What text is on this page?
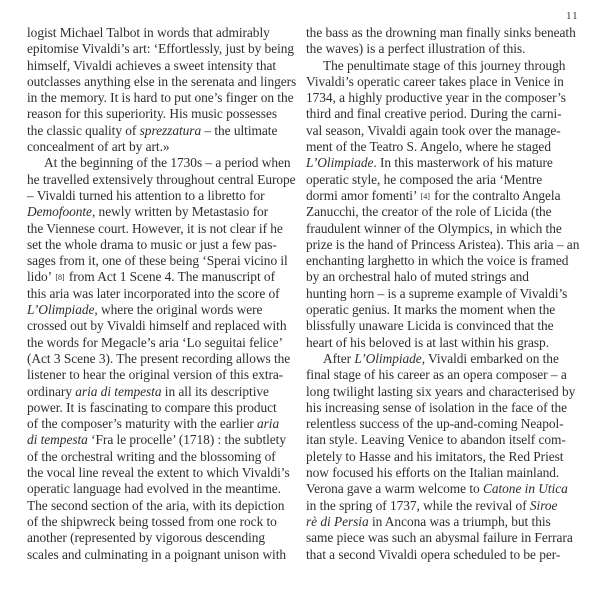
11
logist Michael Talbot in words that admirably
epitomise Vivaldi’s art: ‘Effortlessly, just by being
himself, Vivaldi achieves a sweet intensity that
outclasses anything else in the serenata and lingers
in the memory. It is hard to put one’s finger on the
reason for this superiority. His music possesses
the classic quality of sprezzatura – the ultimate
concealment of art by art.»
At the beginning of the 1730s – a period when
he travelled extensively throughout central Europe
– Vivaldi turned his attention to a libretto for
Demofoonte, newly written by Metastasio for
the Viennese court. However, it is not clear if he
set the whole drama to music or just a few pas-
sages from it, one of these being ‘Sperai vicino il
lido’ [8] from Act 1 Scene 4. The manuscript of
this aria was later incorporated into the score of
L’Olimpiade, where the original words were
crossed out by Vivaldi himself and replaced with
the words for Megacle’s aria ‘Lo seguitai felice’
(Act 3 Scene 3). The present recording allows the
listener to hear the original version of this extra-
ordinary aria di tempesta in all its descriptive
power. It is fascinating to compare this product
of the composer’s maturity with the earlier aria
di tempesta ‘Fra le procelle’ (1718) : the subtlety
of the orchestral writing and the blossoming of
the vocal line reveal the extent to which Vivaldi’s
operatic language had evolved in the meantime.
The second section of the aria, with its depiction
of the shipwreck being tossed from one rock to
another (represented by vigorous descending
scales and culminating in a poignant unison with
the bass as the drowning man finally sinks beneath
the waves) is a perfect illustration of this.
The penultimate stage of this journey through
Vivaldi’s operatic career takes place in Venice in
1734, a highly productive year in the composer’s
third and final creative period. During the carni-
val season, Vivaldi again took over the manage-
ment of the Teatro S. Angelo, where he staged
L’Olimpiade. In this masterwork of his mature
operatic style, he composed the aria ‘Mentre
dormi amor fomenti’ [4] for the contralto Angela
Zanucchi, the creator of the role of Licida (the
fraudulent winner of the Olympics, in which the
prize is the hand of Princess Aristea). This aria – an
enchanting larghetto in which the voice is framed
by an orchestral halo of muted strings and
hunting horn – is a supreme example of Vivaldi’s
operatic genius. It marks the moment when the
blissfully unaware Licida is convinced that the
heart of his beloved is at last within his grasp.
After L’Olimpiade, Vivaldi embarked on the
final stage of his career as an opera composer – a
long twilight lasting six years and characterised by
his increasing sense of isolation in the face of the
relentless success of the up-and-coming Neapol-
itan style. Leaving Venice to abandon itself com-
pletely to Hasse and his imitators, the Red Priest
now focused his efforts on the Italian mainland.
Verona gave a warm welcome to Catone in Utica
in the spring of 1737, while the revival of Siroe
rè di Persia in Ancona was a triumph, but this
same piece was such an abysmal failure in Ferrara
that a second Vivaldi opera scheduled to be per-
